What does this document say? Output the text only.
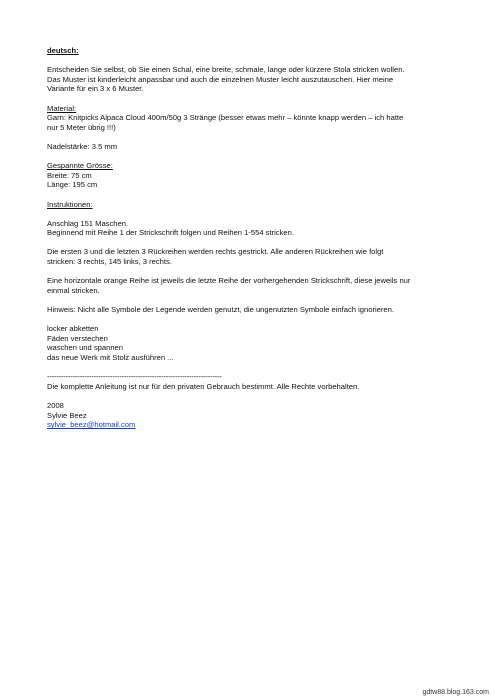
deutsch:
Entscheiden Sie selbst, ob Sie einen Schal, eine breite, schmale, lange oder kürzere Stola stricken wollen.
Das Muster ist kinderleicht anpassbar und auch die einzelnen Muster leicht auszutauschen. Hier meine
Variante für ein 3 x 6 Muster.
Material:
Garn: Knitpicks Alpaca Cloud 400m/50g 3 Stränge (besser etwas mehr – könnte knapp werden – ich hatte
nur 5 Meter übrig !!!)
Nadelstärke: 3.5 mm
Gespannte Grösse:
Breite: 75 cm
Länge: 195 cm
Instruktionen:
Anschlag 151 Maschen.
Beginnend mit Reihe 1 der Strickschrift folgen und Reihen 1-554 stricken.
Die ersten 3 und die letzten 3 Rückreihen werden rechts gestrickt. Alle anderen Rückreihen wie folgt
stricken: 3 rechts, 145 links, 3 rechts.
Eine horizontale orange Reihe ist jeweils die letzte Reihe der vorhergehenden Strickschrift, diese jeweils nur
einmal stricken.
Hinweis: Nicht alle Symbole der Legende werden genutzt, die ungenutzten Symbole einfach ignorieren.
locker abketten
Fäden verstechen
waschen und spannen
das neue Werk mit Stolz ausführen ...
---------------------------------------------------------------------------
Die komplette Anleitung ist nur für den privaten Gebrauch bestimmt. Alle Rechte vorbehalten.
2008
Sylvie Beez
sylvie_beez@hotmail.com
gdtw88.blog.163.com
